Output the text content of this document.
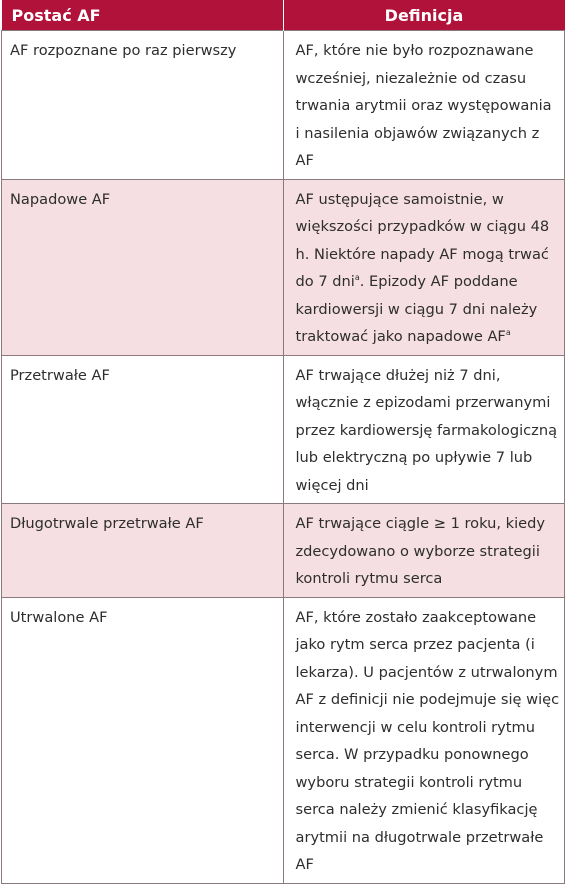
Postać AF	Definicja
AF rozpoznane po raz pierwszy	AF, które nie było rozpoznawane wcześniej, niezależnie od czasu trwania arytmii oraz występowania i nasilenia objawów związanych z AF
Napadowe AF	AF ustępujące samoistnie, w większości przypadków w ciągu 48 h. Niektóre napady AF mogą trwać do 7 dni$^a$. Epizody AF poddane kardiowersji w ciągu 7 dni należy traktować jako napadowe $AF^a$
Przetrwałe AF	AF trwające dłużej niż 7 dni, włącznie z epizodami przerwanymi przez kardiowersję farmakologiczną lub elektryczną po upływie 7 lub więcej dni
Długotrwale przetrwałe AF	AF trwające ciągle ≥ 1 roku, kiedy zdecydowano o wyborze strategii kontroli rytmu serca
Utrwalone AF	AF, które zostało zaakceptowane jako rytm serca przez pacjenta (i lekarza). U pacjentów z utrwalonym AF z definicji nie podejmuje się więc interwencji w celu kontroli rytmu serca. W przypadku ponownego wyboru strategii kontroli rytmu serca należy zmienić klasyfikację arytmii na długotrwale przetrwałe AF
